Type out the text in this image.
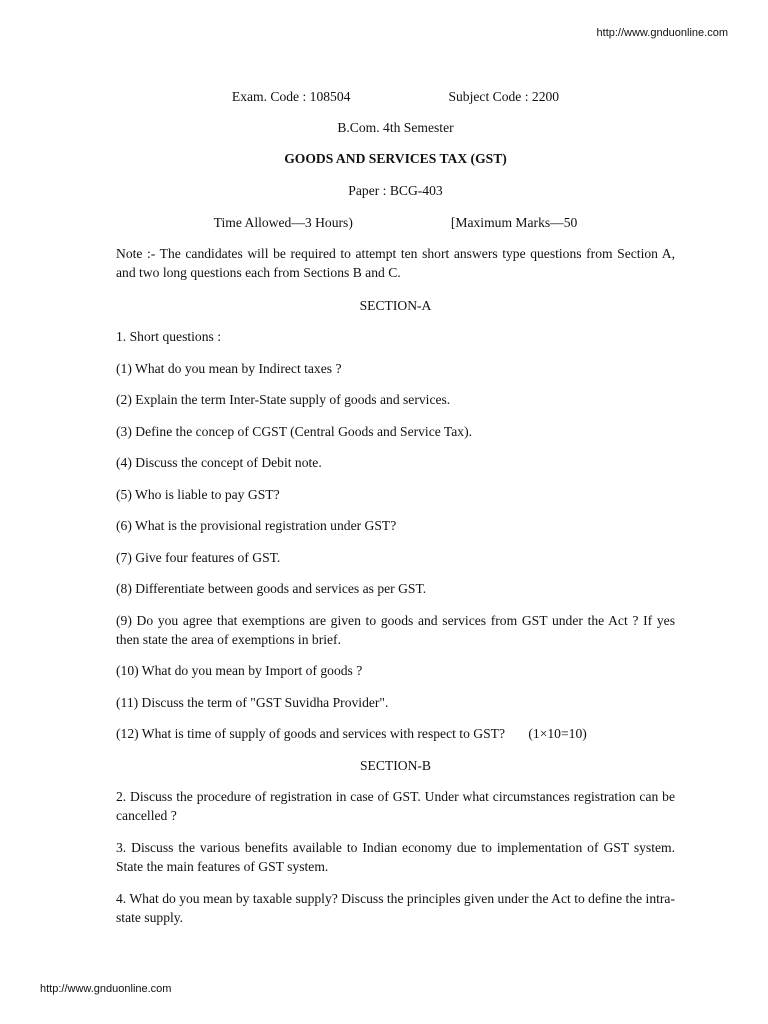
http://www.gnduonline.com
Exam. Code : 108504	Subject Code : 2200
B.Com. 4th Semester
GOODS AND SERVICES TAX (GST)
Paper : BCG-403
Time Allowed—3 Hours)	[Maximum Marks—50

Note :- The candidates will be required to attempt ten short answers type questions from Section A, and two long questions each from Sections B and C.

SECTION-A
1. Short questions :

(1) What do you mean by Indirect taxes ?

(2) Explain the term Inter-State supply of goods and services.

(3) Define the concep of CGST (Central Goods and Service Tax).

(4) Discuss the concept of Debit note.

(5) Who is liable to pay GST?

(6) What is the provisional registration under GST?

(7) Give four features of GST.

(8) Differentiate between goods and services as per GST.

(9) Do you agree that exemptions are given to goods and services from GST under the Act ? If yes then state the area of exemptions in brief.

(10) What do you mean by Import of goods ?

(11) Discuss the term of "GST Suvidha Provider".

(12) What is time of supply of goods and services with respect to GST? (1×10=10)
SECTION-B

2. Discuss the procedure of registration in case of GST. Under what circumstances registration can be cancelled ?

3. Discuss the various benefits available to Indian economy due to implementation of GST system. State the main features of GST system.

4. What do you mean by taxable supply? Discuss the principles given under the Act to define the intra-state supply.

http://www.gnduonline.com
